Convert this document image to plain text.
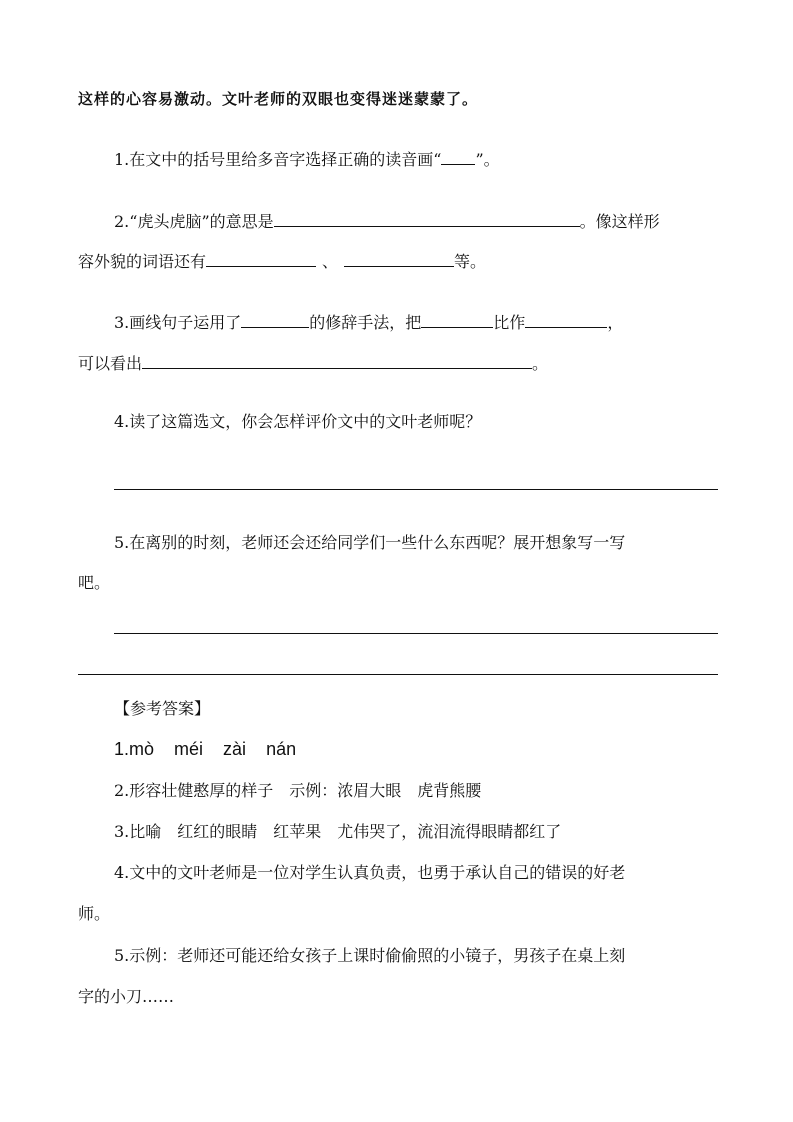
这样的心容易激动。文叶老师的双眼也变得迷迷蒙蒙了。
1.在文中的括号里给多音字选择正确的读音画“ ”。
2.“虎头虎脑”的意思是	。像这样形
容外貌的词语还有	、	等。
3.画线句子运用了	的修辞手法，把	比作	，
可以看出	。
4.读了这篇选文，你会怎样评价文中的文叶老师呢？
5.在离别的时刻，老师还会还给同学们一些什么东西呢？展开想象写一写
吧。
【参考答案】
1.mò méi zài nán
2.形容壮健憨厚的样子　示例：浓眉大眼　虎背熊腰
3.比喻　红红的眼睛　红苹果　尤伟哭了，流泪流得眼睛都红了
4.文中的文叶老师是一位对学生认真负责，也勇于承认自己的错误的好老
师。
5.示例：老师还可能还给女孩子上课时偷偷照的小镜子，男孩子在桌上刻
字的小刀……
